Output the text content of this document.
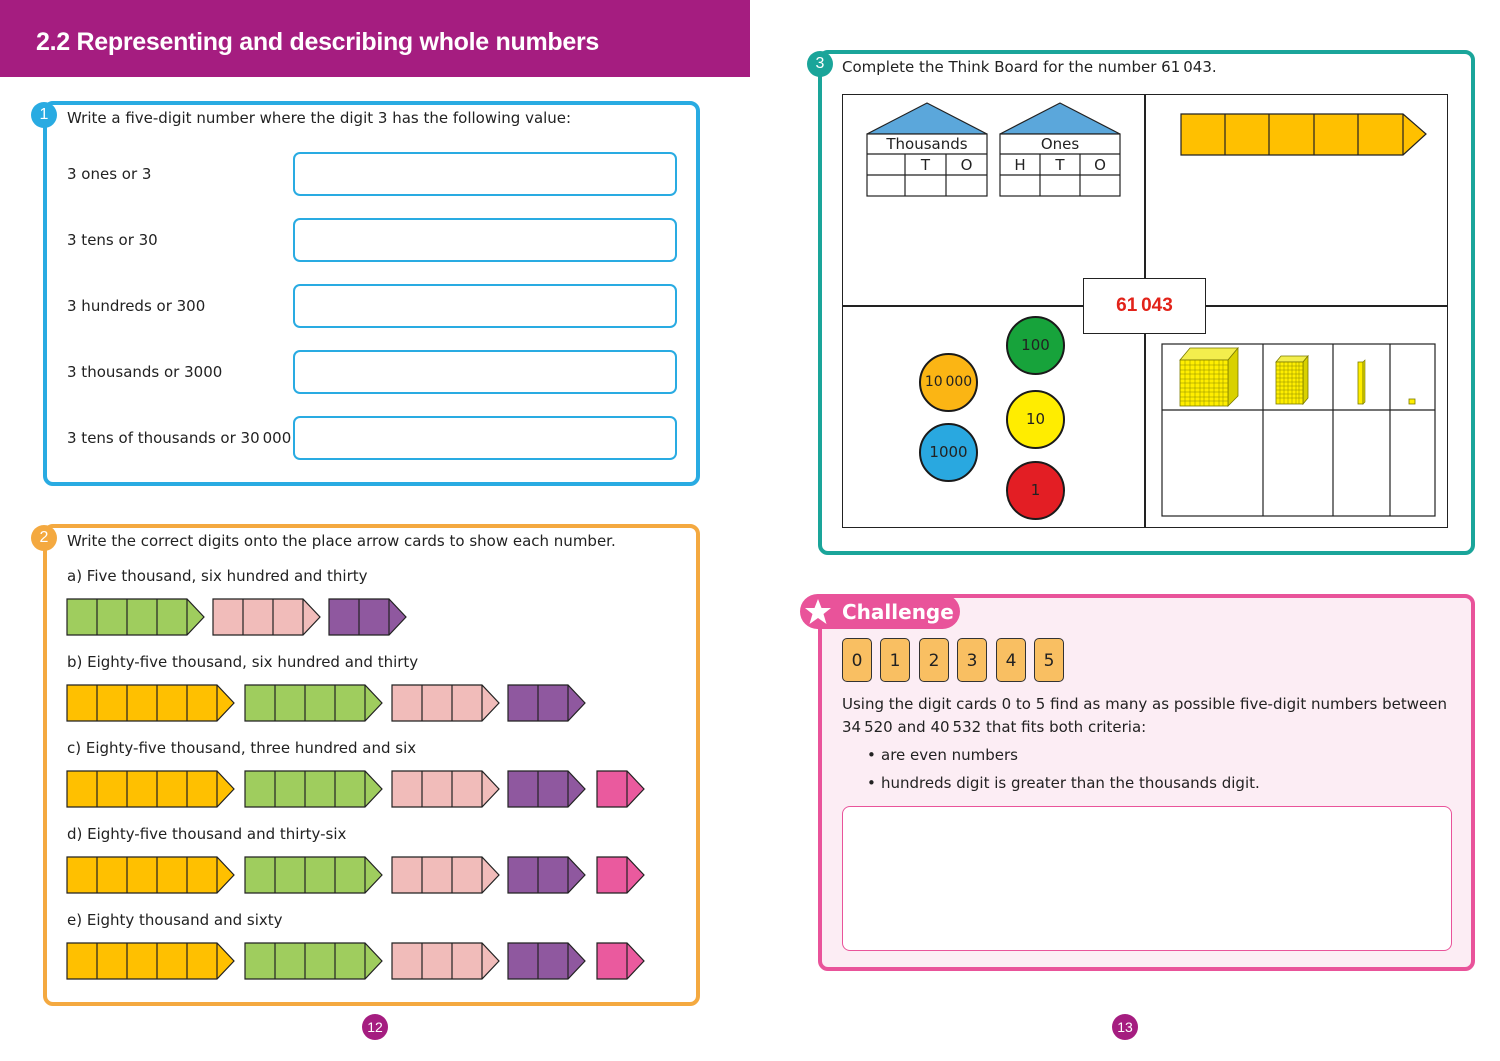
2.2 Representing and describing whole numbers
1	Write a five-digit number where the digit 3 has the following value:
3 ones or 3
3 tens or 30
3 hundreds or 300
3 thousands or 3000
3 tens of thousands or 30 000
2	Write the correct digits onto the place arrow cards to show each number.
a) Five thousand, six hundred and thirty
b) Eighty-five thousand, six hundred and thirty
c) Eighty-five thousand, three hundred and six
d) Eighty-five thousand and thirty-six
e) Eighty thousand and sixty
3	Complete the Think Board for the number 61 043.
61 043
Thousands	Ones
T	O	H	T	O
10 000
1000
100
10
1
Challenge
0	1	2	3	4	5
Using the digit cards 0 to 5 find as many as possible five-digit numbers between
34 520 and 40 532 that fits both criteria:
• are even numbers
• hundreds digit is greater than the thousands digit.
12	13
